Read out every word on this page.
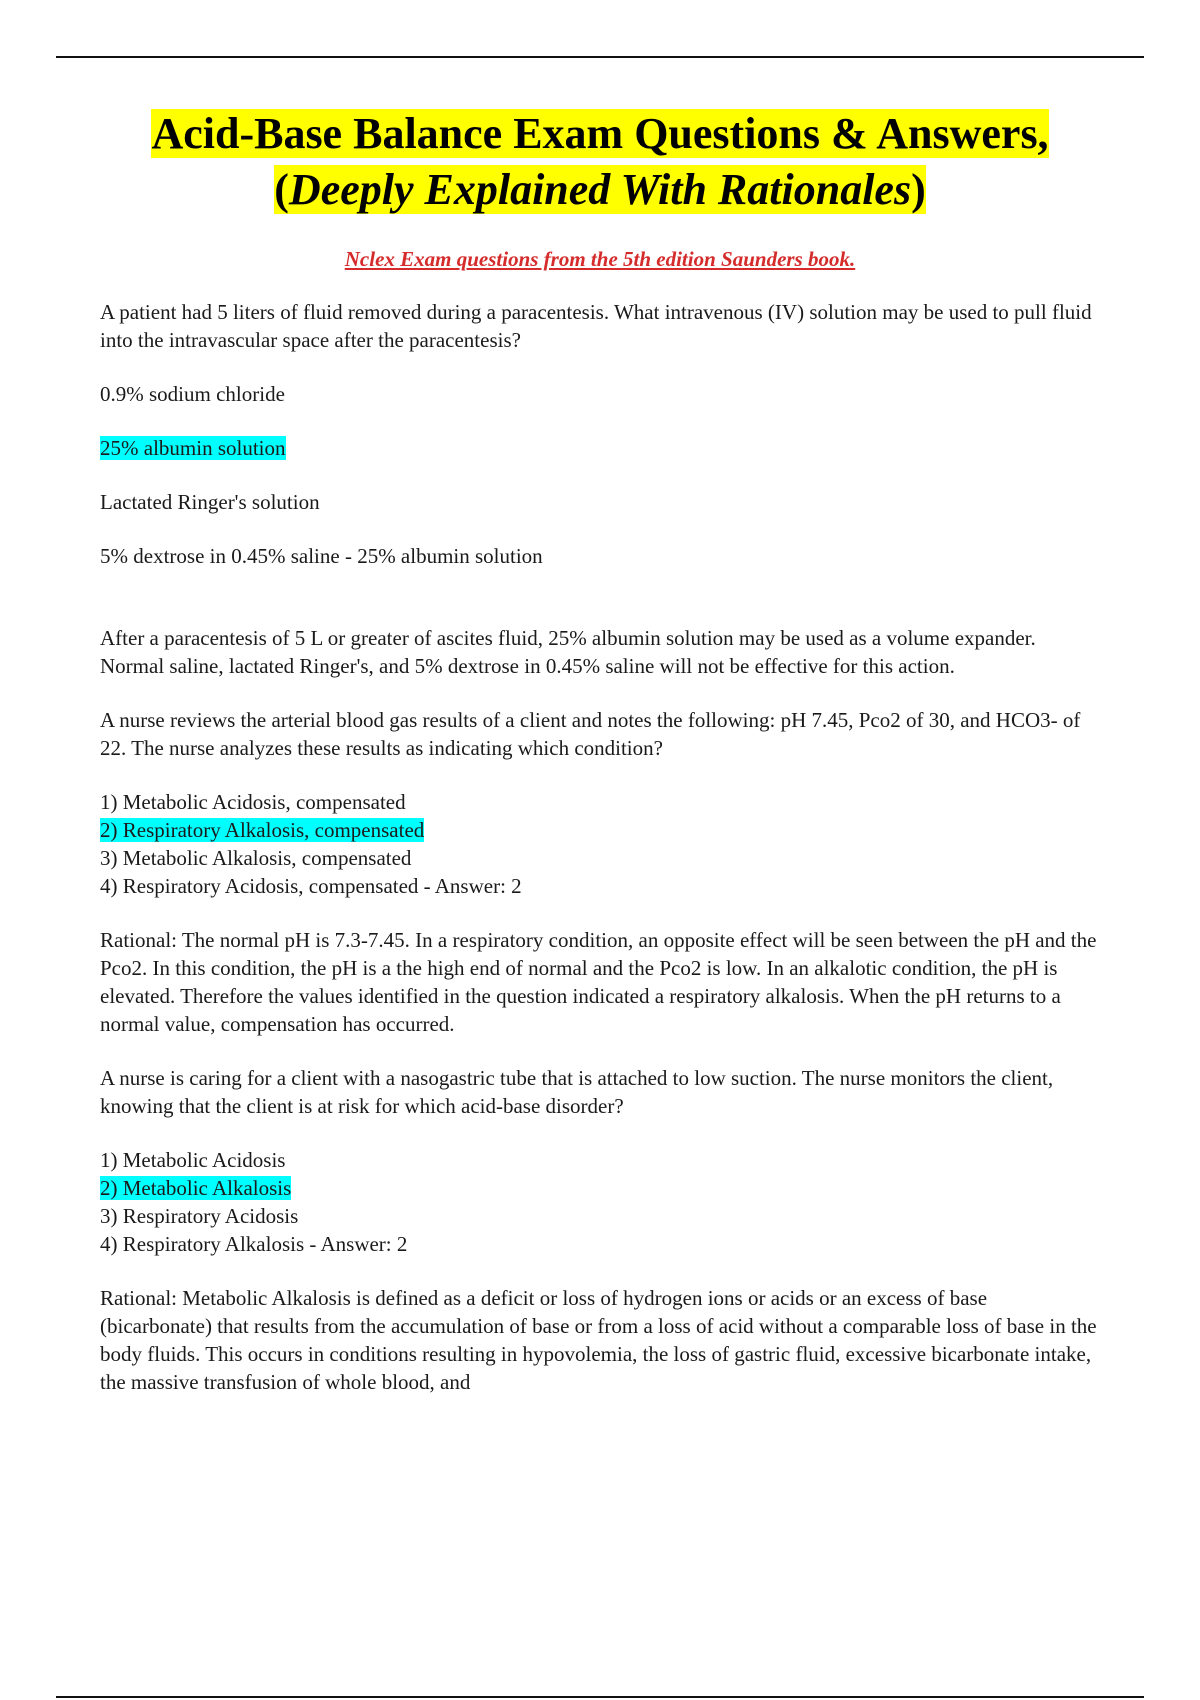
Acid-Base Balance Exam Questions & Answers,
(Deeply Explained With Rationales)

Nclex Exam questions from the 5th edition Saunders book.

A patient had 5 liters of fluid removed during a paracentesis. What intravenous (IV) solution may be used to pull fluid into the intravascular space after the paracentesis?

0.9% sodium chloride

25% albumin solution

Lactated Ringer's solution

5% dextrose in 0.45% saline - 25% albumin solution

After a paracentesis of 5 L or greater of ascites fluid, 25% albumin solution may be used as a volume expander. Normal saline, lactated Ringer's, and 5% dextrose in 0.45% saline will not be effective for this action.

A nurse reviews the arterial blood gas results of a client and notes the following: pH 7.45, Pco2 of 30, and HCO3- of 22. The nurse analyzes these results as indicating which condition?

1) Metabolic Acidosis, compensated

2) Respiratory Alkalosis, compensated

3) Metabolic Alkalosis, compensated

4) Respiratory Acidosis, compensated - Answer: 2

Rational: The normal pH is 7.3-7.45. In a respiratory condition, an opposite effect will be seen between the pH and the Pco2. In this condition, the pH is a the high end of normal and the Pco2 is low. In an alkalotic condition, the pH is elevated. Therefore the values identified in the question indicated a respiratory alkalosis. When the pH returns to a normal value, compensation has occurred.

A nurse is caring for a client with a nasogastric tube that is attached to low suction. The nurse monitors the client, knowing that the client is at risk for which acid-base disorder?

1) Metabolic Acidosis

2) Metabolic Alkalosis

3) Respiratory Acidosis

4) Respiratory Alkalosis - Answer: 2

Rational: Metabolic Alkalosis is defined as a deficit or loss of hydrogen ions or acids or an excess of base (bicarbonate) that results from the accumulation of base or from a loss of acid without a comparable loss of base in the body fluids. This occurs in conditions resulting in hypovolemia, the loss of gastric fluid, excessive bicarbonate intake, the massive transfusion of whole blood, and
